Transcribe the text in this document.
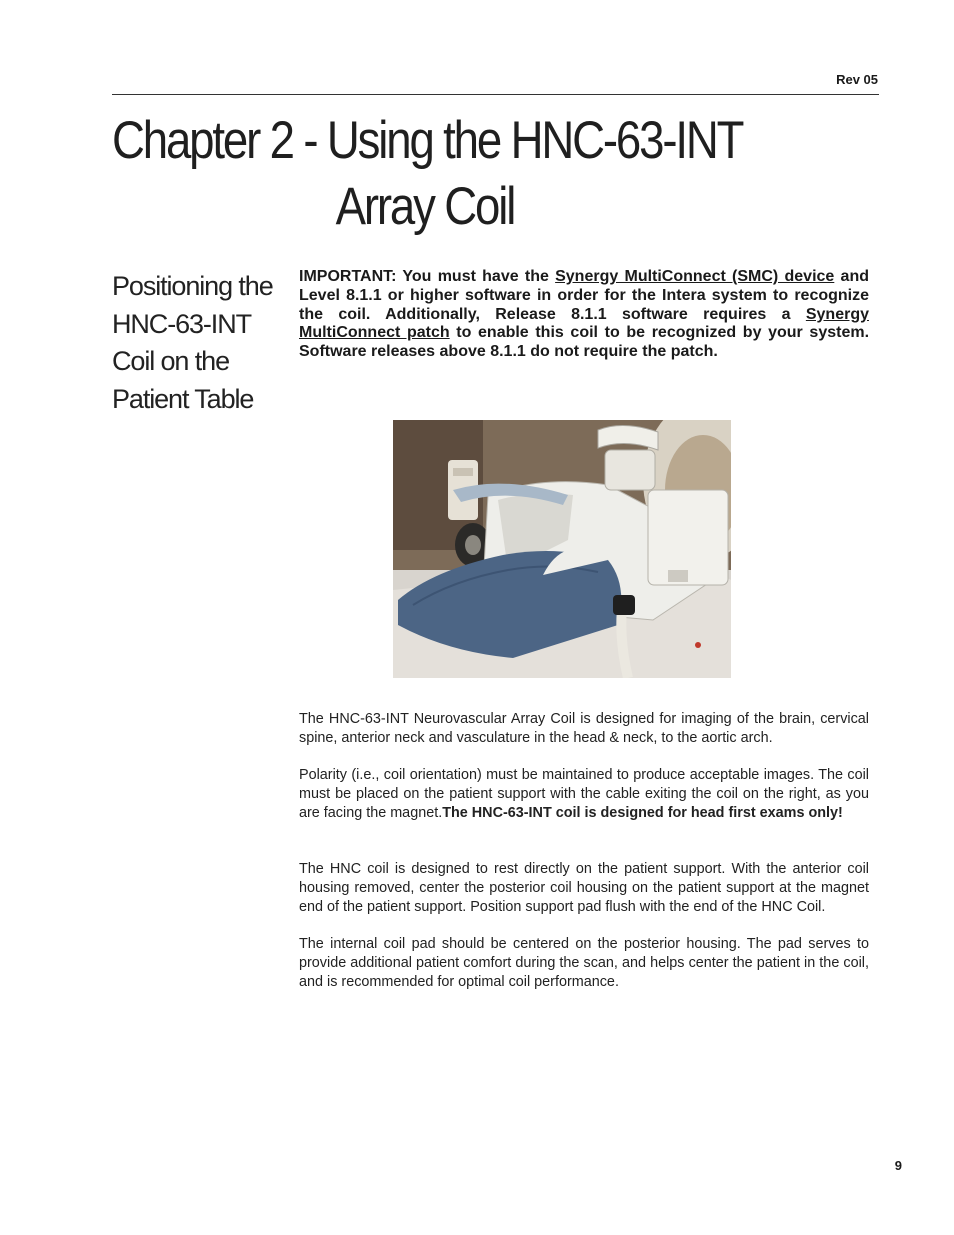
Rev 05
Chapter 2 - Using the HNC-63-INT
Array Coil
Positioning the
HNC-63-INT
Coil on the
Patient Table
IMPORTANT: You must have the Synergy MultiConnect (SMC) device and Level 8.1.1 or higher software in order for the Intera system to recognize the coil. Additionally, Release 8.1.1 software requires a Synergy MultiConnect patch to enable this coil to be recognized by your system. Software releases above 8.1.1 do not require the patch.
The HNC-63-INT Neurovascular Array Coil is designed for imaging of the brain, cervical spine, anterior neck and vasculature in the head & neck, to the aortic arch.
Polarity (i.e., coil orientation) must be maintained to produce acceptable images. The coil must be placed on the patient support with the cable exiting the coil on the right, as you are facing the magnet.The HNC-63-INT coil is designed for head first exams only!
The HNC coil is designed to rest directly on the patient support. With the anterior coil housing removed, center the posterior coil housing on the patient support at the magnet end of the patient support. Position support pad flush with the end of the HNC Coil.
The internal coil pad should be centered on the posterior housing. The pad serves to provide additional patient comfort during the scan, and helps center the patient in the coil, and is recommended for optimal coil performance.
9
